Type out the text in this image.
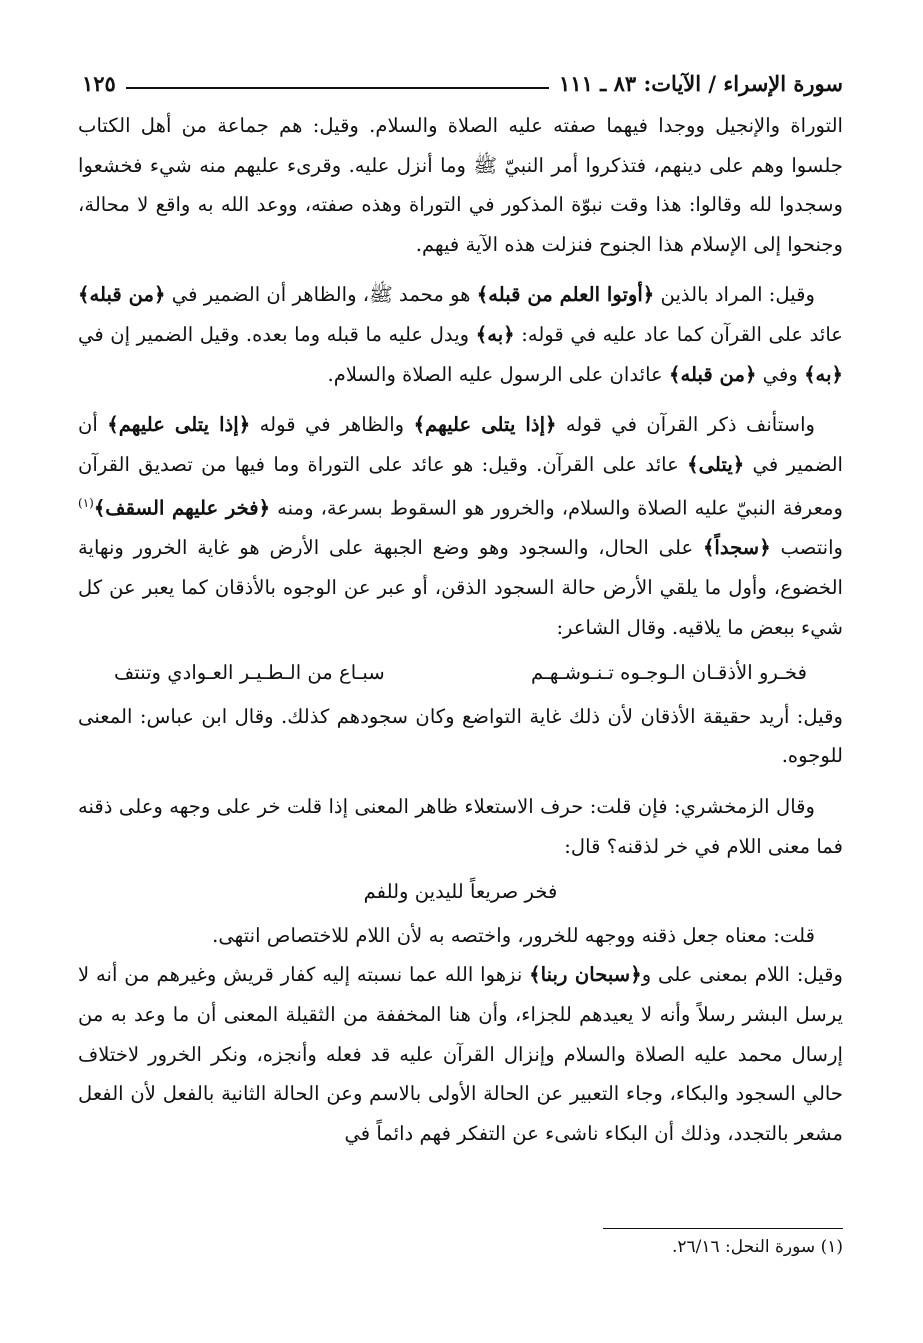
سورة الإسراء / الآيات: ٨٣ ـ ١١١
١٢٥

التوراة والإنجيل ووجدا فيهما صفته عليه الصلاة والسلام. وقيل: هم جماعة من أهل الكتاب جلسوا وهم على دينهم، فتذكروا أمر النبيّ ﷺ وما أنزل عليه. وقرىء عليهم منه شيء فخشعوا وسجدوا لله وقالوا: هذا وقت نبوّة المذكور في التوراة وهذه صفته، ووعد الله به واقع لا محالة، وجنحوا إلى الإسلام هذا الجنوح فنزلت هذه الآية فيهم.

وقيل: المراد بالذين ﴿أوتوا العلم من قبله﴾ هو محمد ﷺ، والظاهر أن الضمير في ﴿من قبله﴾ عائد على القرآن كما عاد عليه في قوله: ﴿به﴾ ويدل عليه ما قبله وما بعده. وقيل الضمير إن في ﴿به﴾ وفي ﴿من قبله﴾ عائدان على الرسول عليه الصلاة والسلام.

واستأنف ذكر القرآن في قوله ﴿إذا يتلى عليهم﴾ والظاهر في قوله ﴿إذا يتلى عليهم﴾ أن الضمير في ﴿يتلى﴾ عائد على القرآن. وقيل: هو عائد على التوراة وما فيها من تصديق القرآن ومعرفة النبيّ عليه الصلاة والسلام، والخرور هو السقوط بسرعة، ومنه ﴿فخر عليهم السقف﴾$^{(١)}$ وانتصب ﴿سجداً﴾ على الحال، والسجود وهو وضع الجبهة على الأرض هو غاية الخرور ونهاية الخضوع، وأول ما يلقي الأرض حالة السجود الذقن، أو عبر عن الوجوه بالأذقان كما يعبر عن كل شيء ببعض ما يلاقيه. وقال الشاعر:

فخـرو الأذقـان الـوجـوه تـنـوشـهـم
سبـاع من الـطـيـر العـوادي وتنتف

وقيل: أريد حقيقة الأذقان لأن ذلك غاية التواضع وكان سجودهم كذلك. وقال ابن عباس: المعنى للوجوه.

وقال الزمخشري: فإن قلت: حرف الاستعلاء ظاهر المعنى إذا قلت خر على وجهه وعلى ذقنه فما معنى اللام في خر لذقنه؟ قال:

فخر صريعاً لليدين وللفم

قلت: معناه جعل ذقنه ووجهه للخرور، واختصه به لأن اللام للاختصاص انتهى.

وقيل: اللام بمعنى على و﴿سبحان ربنا﴾ نزهوا الله عما نسبته إليه كفار قريش وغيرهم من أنه لا يرسل البشر رسلاً وأنه لا يعيدهم للجزاء، وأن هنا المخففة من الثقيلة المعنى أن ما وعد به من إرسال محمد عليه الصلاة والسلام وإنزال القرآن عليه قد فعله وأنجزه، ونكر الخرور لاختلاف حالي السجود والبكاء، وجاء التعبير عن الحالة الأولى بالاسم وعن الحالة الثانية بالفعل لأن الفعل مشعر بالتجدد، وذلك أن البكاء ناشىء عن التفكر فهم دائماً في

(١) سورة النحل: ٢٦/١٦.
